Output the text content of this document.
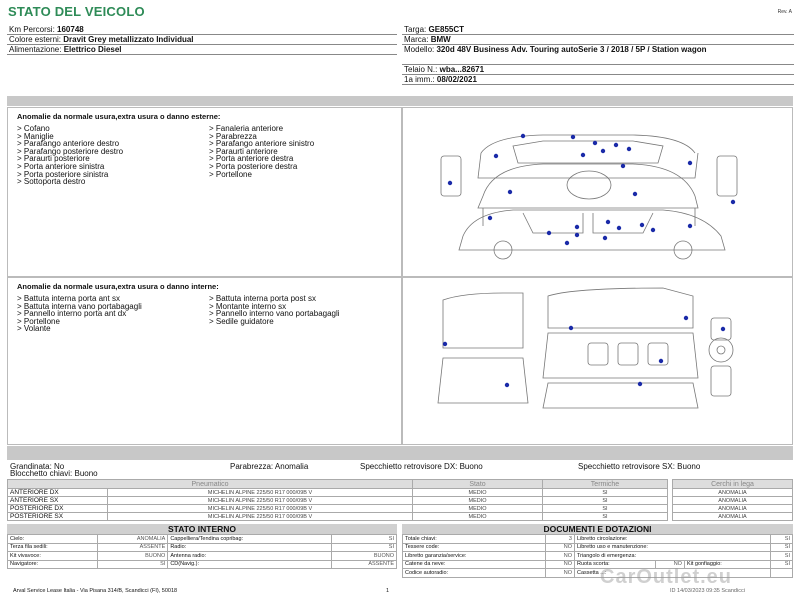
STATO DEL VEICOLO	Rev. A
Km Percorsi: 160748
Colore esterni: Dravit Grey metallizzato Individual
Alimentazione: Elettrico Diesel
Targa: GE855CT
Marca: BMW
Modello: 320d 48V Business Adv. Touring autoSerie 3 / 2018 / 5P / Station wagon
Telaio N.: wba...82671
1a imm.: 08/02/2021
Anomalie da normale usura,extra usura o danno esterne:
> Cofano
> Maniglie
> Parafango anteriore destro
> Parafango posteriore destro
> Paraurti posteriore
> Porta anteriore sinistra
> Porta posteriore sinistra
> Sottoporta destro
> Fanaleria anteriore
> Parabrezza
> Parafango anteriore sinistro
> Paraurti anteriore
> Porta anteriore destra
> Porta posteriore destra
> Portellone
Anomalie da normale usura,extra usura o danno interne:
> Battuta interna porta ant sx
> Battuta interna vano portabagagli
> Pannello interno porta ant dx
> Portellone
> Volante
> Battuta interna porta post sx
> Montante interno sx
> Pannello interno vano portabagagli
> Sedile guidatore
Grandinata: No	Parabrezza: Anomalia	Specchietto retrovisore DX: Buono	Specchietto retrovisore SX: Buono
Blocchetto chiavi: Buono
Pneumatico		Stato	Termiche		Cerchi in lega
ANTERIORE DX	MICHELIN ALPINE 225/50 R17 000/09B V	MEDIO	SI		ANOMALIA
ANTERIORE SX	MICHELIN ALPINE 225/50 R17 000/09B V	MEDIO	SI		ANOMALIA
POSTERIORE DX	MICHELIN ALPINE 225/50 R17 000/09B V	MEDIO	SI		ANOMALIA
POSTERIORE SX	MICHELIN ALPINE 225/50 R17 000/09B V	MEDIO	SI		ANOMALIA
STATO INTERNO
Cielo:	ANOMALIA	Cappelliera/Tendina copribag:	SI
Terza fila sedili:	ASSENTE	Radio:	SI
Kit vivavoce:	BUONO	Antenna radio:	BUONO
Navigatore:	SI	CD(Navig.):	ASSENTE
DOCUMENTI E DOTAZIONI
Totale chiavi:	3	Libretto circolazione:			SI
Tessere code:	NO	Libretto uso e manutenzione:			SI
Libretto garanzia/service:	NO	Triangolo di emergenza:			SI
Catene da neve:	NO	Ruota scorta:	NO	Kit gonfiaggio:	SI
Codice autoradio:	NO	Cassetta ...:			
CarOutlet.eu
Arval Service Lease Italia - Via Pisana 314/B, Scandicci (FI), 50018	1	ID 14/03/2023 09:35 Scandicci
